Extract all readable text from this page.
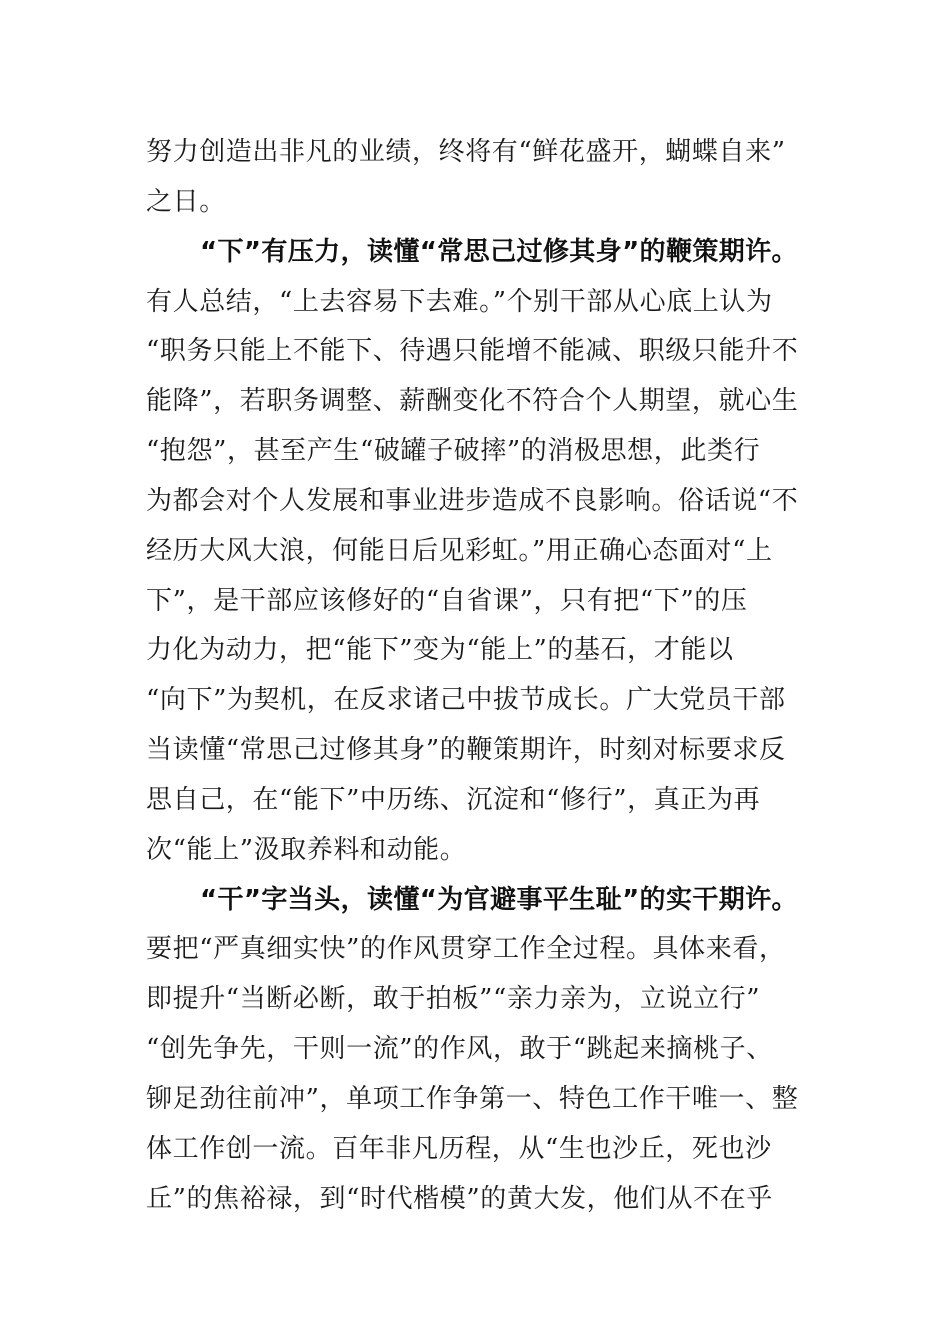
努力创造出非凡的业绩，终将有“鲜花盛开，蝴蝶自来”
之日。
“下”有压力，读懂“常思己过修其身”的鞭策期许。
有人总结，“上去容易下去难。”个别干部从心底上认为
“职务只能上不能下、待遇只能增不能减、职级只能升不
能降”，若职务调整、薪酬变化不符合个人期望，就心生
“抱怨”，甚至产生“破罐子破摔”的消极思想，此类行
为都会对个人发展和事业进步造成不良影响。俗话说“不
经历大风大浪，何能日后见彩虹。”用正确心态面对“上
下”，是干部应该修好的“自省课”，只有把“下”的压
力化为动力，把“能下”变为“能上”的基石，才能以
“向下”为契机，在反求诸己中拔节成长。广大党员干部
当读懂“常思己过修其身”的鞭策期许，时刻对标要求反
思自己，在“能下”中历练、沉淀和“修行”，真正为再
次“能上”汲取养料和动能。
“干”字当头，读懂“为官避事平生耻”的实干期许。
要把“严真细实快”的作风贯穿工作全过程。具体来看，
即提升“当断必断，敢于拍板”“亲力亲为，立说立行”
“创先争先，干则一流”的作风，敢于“跳起来摘桃子、
铆足劲往前冲”，单项工作争第一、特色工作干唯一、整
体工作创一流。百年非凡历程，从“生也沙丘，死也沙
丘”的焦裕禄，到“时代楷模”的黄大发，他们从不在乎
